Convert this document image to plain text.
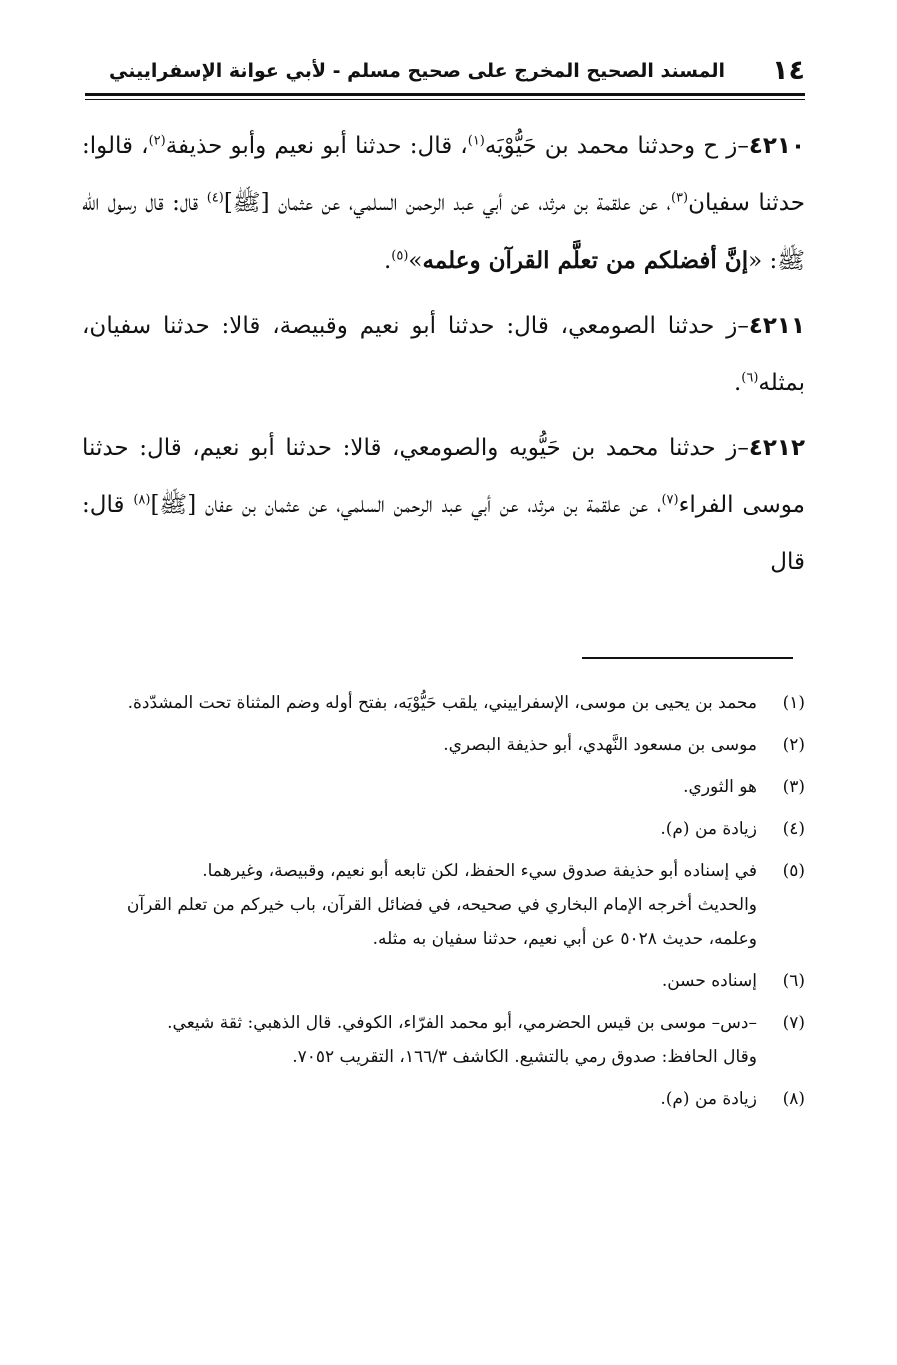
١٤
المسند الصحيح المخرج على صحيح مسلم - لأبي عوانة الإسفراييني

٤٢١٠–ز ح وحدثنا محمد بن حَيُّوْيَه$^{(١)}$، قال: حدثنا أبو نعيم وأبو حذيفة$^{(٢)}$، قالوا: حدثنا سفيان$^{(٣)}$، عن علقمة بن مرثد، عن أبي عبد الرحمن السلمي، عن عثمان [ﷺ]$^{(٤)}$ قال: قال رسول الله ﷺ: «إنَّ أفضلكم من تعلَّم القرآن وعلمه»$^{(٥)}$.

٤٢١١–ز حدثنا الصومعي، قال: حدثنا أبو نعيم وقبيصة، قالا: حدثنا سفيان، بمثله$^{(٦)}$.

٤٢١٢–ز حدثنا محمد بن حَيُّويه والصومعي، قالا: حدثنا أبو نعيم، قال: حدثنا موسى الفراء$^{(٧)}$، عن علقمة بن مرثد، عن أبي عبد الرحمن السلمي، عن عثمان بن عفان [ﷺ]$^{(٨)}$ قال: قال

(١)
محمد بن يحيى بن موسى، الإسفراييني، يلقب حَيُّوْيَه، بفتح أوله وضم المثناة تحت المشدّدة.
(٢)
موسى بن مسعود النَّهدي، أبو حذيفة البصري.
(٣)
هو الثوري.
(٤)
زيادة من (م).
(٥)
في إسناده أبو حذيفة صدوق سيء الحفظ، لكن تابعه أبو نعيم، وقبيصة، وغيرهما.
والحديث أخرجه الإمام البخاري في صحيحه، في فضائل القرآن، باب خيركم من تعلم القرآن وعلمه، حديث ٥٠٢٨ عن أبي نعيم، حدثنا سفيان به مثله.
(٦)
إسناده حسن.
(٧)
–دس– موسى بن قيس الحضرمي، أبو محمد الفرّاء، الكوفي. قال الذهبي: ثقة شيعي.
وقال الحافظ: صدوق رمي بالتشيع. الكاشف ١٦٦/٣، التقريب ٧٠٥٢.
(٨)
زيادة من (م).
